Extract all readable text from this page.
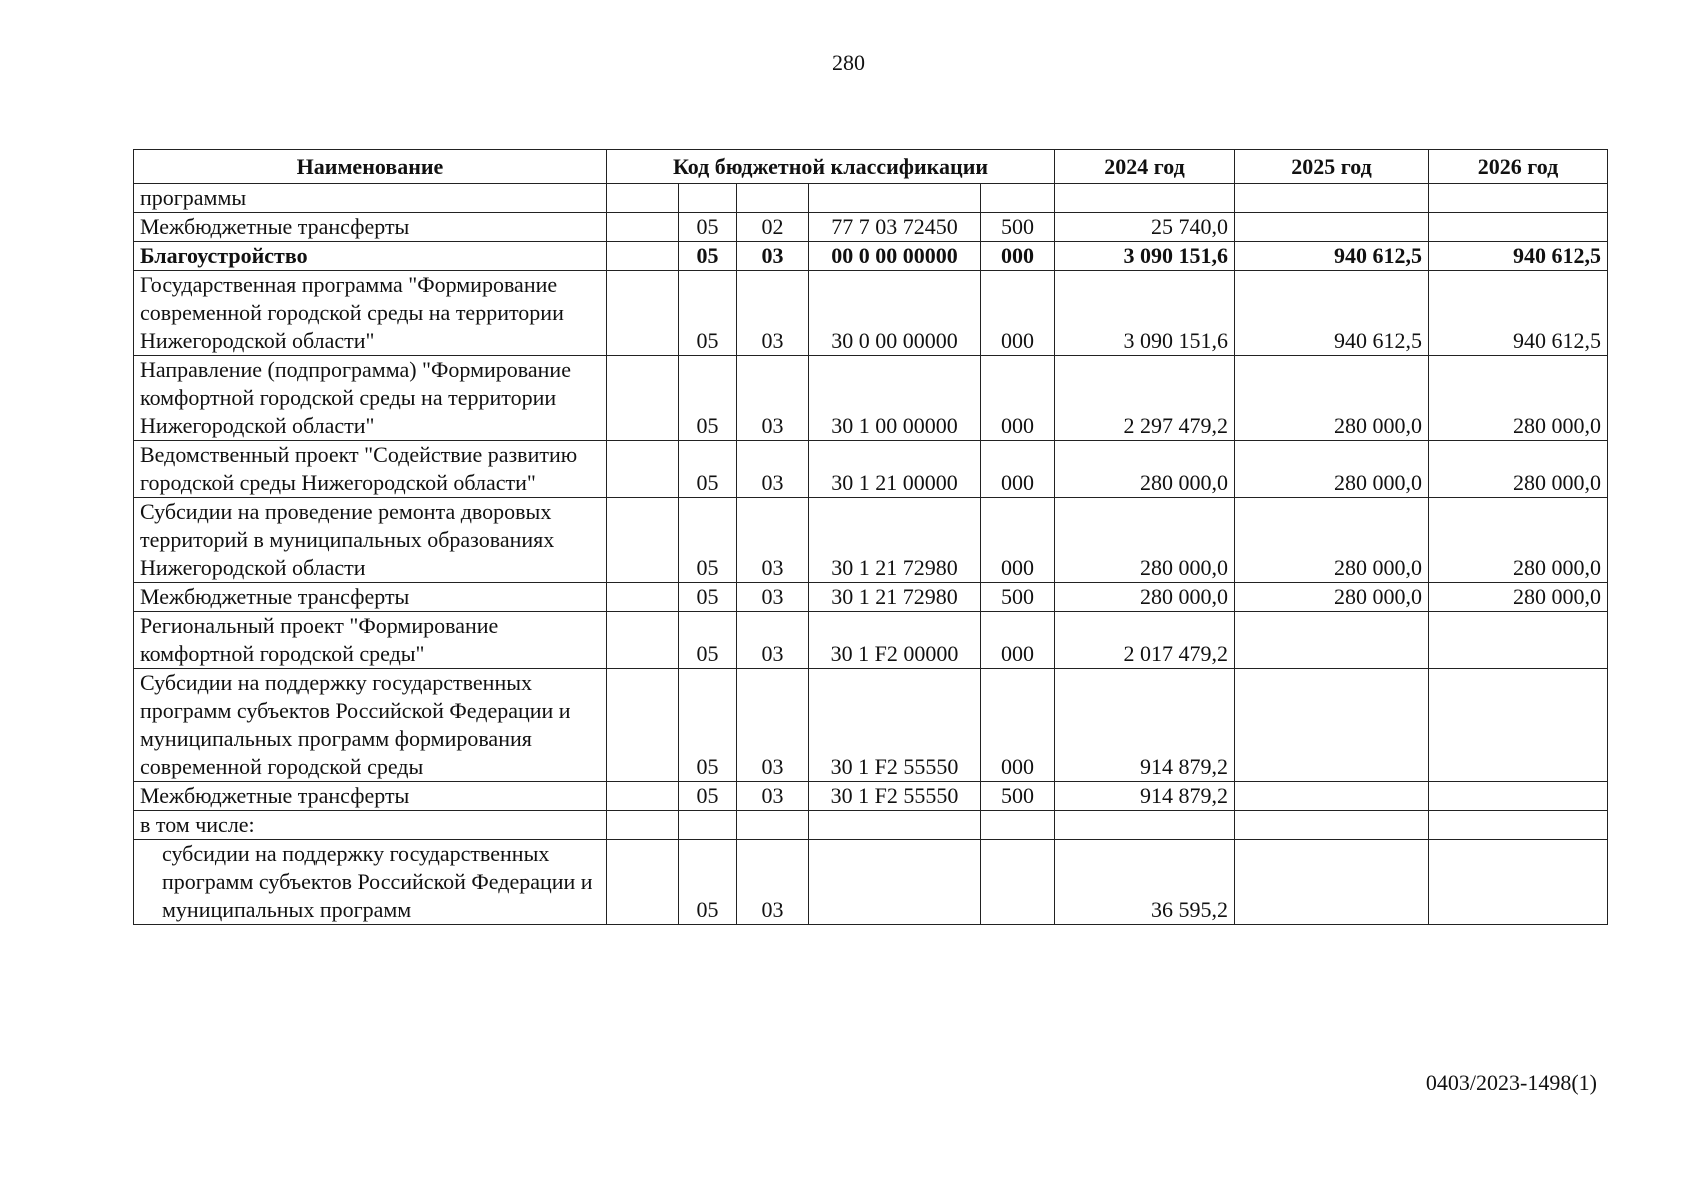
280
Наименование	Код бюджетной классификации					2024 год	2025 год	2026 год
программы								
Межбюджетные трансферты		05	02	77 7 03 72450	500	25 740,0		
Благоустройство		05	03	00 0 00 00000	000	3 090 151,6	940 612,5	940 612,5
Государственная программа "Формирование современной городской среды на территории Нижегородской области"		05	03	30 0 00 00000	000	3 090 151,6	940 612,5	940 612,5
Направление (подпрограмма) "Формирование комфортной городской среды на территории Нижегородской области"		05	03	30 1 00 00000	000	2 297 479,2	280 000,0	280 000,0
Ведомственный проект "Содействие развитию городской среды Нижегородской области"		05	03	30 1 21 00000	000	280 000,0	280 000,0	280 000,0
Субсидии на проведение ремонта дворовых территорий в муниципальных образованиях Нижегородской области		05	03	30 1 21 72980	000	280 000,0	280 000,0	280 000,0
Межбюджетные трансферты		05	03	30 1 21 72980	500	280 000,0	280 000,0	280 000,0
Региональный проект "Формирование комфортной городской среды"		05	03	30 1 F2 00000	000	2 017 479,2		
Субсидии на поддержку государственных программ субъектов Российской Федерации и муниципальных программ формирования современной городской среды		05	03	30 1 F2 55550	000	914 879,2		
Межбюджетные трансферты		05	03	30 1 F2 55550	500	914 879,2		
в том числе:								
субсидии на поддержку государственных программ субъектов Российской Федерации и муниципальных программ		05	03			36 595,2		
0403/2023-1498(1)
